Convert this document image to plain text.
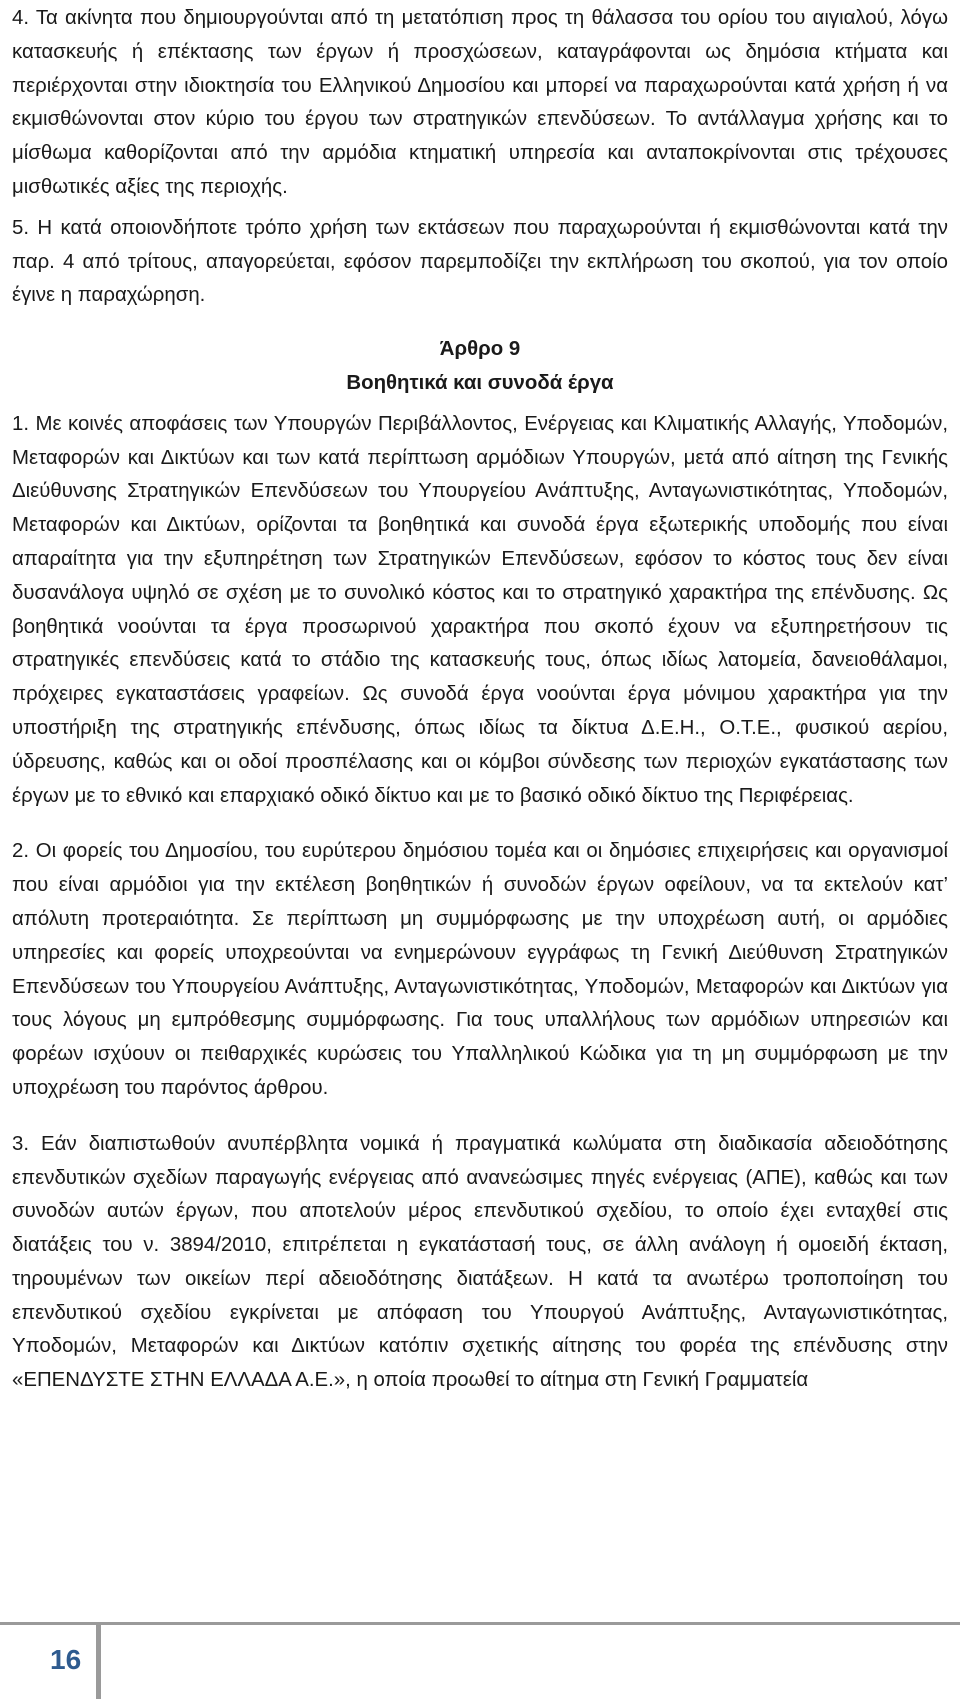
4. Τα ακίνητα που δημιουργούνται από τη μετατόπιση προς τη θάλασσα του ορίου του αιγιαλού, λόγω κατασκευής ή επέκτασης των έργων ή προσχώσεων, καταγράφονται ως δημόσια κτήματα και περιέρχονται στην ιδιοκτησία του Ελληνικού Δημοσίου και μπορεί να παραχωρούνται κατά χρήση ή να εκμισθώνονται στον κύριο του έργου των στρατηγικών επενδύσεων. Το αντάλλαγμα χρήσης και το μίσθωμα καθορίζονται από την αρμόδια κτηματική υπηρεσία και ανταποκρίνονται στις τρέχουσες μισθωτικές αξίες της περιοχής.

5. Η κατά οποιονδήποτε τρόπο χρήση των εκτάσεων που παραχωρούνται ή εκμισθώνονται κατά την παρ. 4 από τρίτους, απαγορεύεται, εφόσον παρεμποδίζει την εκπλήρωση του σκοπού, για τον οποίο έγινε η παραχώρηση.

Άρθρο 9

Βοηθητικά και συνοδά έργα

1. Με κοινές αποφάσεις των Υπουργών Περιβάλλοντος, Ενέργειας και Κλιματικής Αλλαγής, Υποδομών, Μεταφορών και Δικτύων και των κατά περίπτωση αρμόδιων Υπουργών, μετά από αίτηση της Γενικής Διεύθυνσης Στρατηγικών Επενδύσεων του Υπουργείου Ανάπτυξης, Ανταγωνιστικότητας, Υποδομών, Μεταφορών και Δικτύων, ορίζονται τα βοηθητικά και συνοδά έργα εξωτερικής υποδομής που είναι απαραίτητα για την εξυπηρέτηση των Στρατηγικών Επενδύσεων, εφόσον το κόστος τους δεν είναι δυσανάλογα υψηλό σε σχέση με το συνολικό κόστος και το στρατηγικό χαρακτήρα της επένδυσης. Ως βοηθητικά νοούνται τα έργα προσωρινού χαρακτήρα που σκοπό έχουν να εξυπηρετήσουν τις στρατηγικές επενδύσεις κατά το στάδιο της κατασκευής τους, όπως ιδίως λατομεία, δανειοθάλαμοι, πρόχειρες εγκαταστάσεις γραφείων. Ως συνοδά έργα νοούνται έργα μόνιμου χαρακτήρα για την υποστήριξη της στρατηγικής επένδυσης, όπως ιδίως τα δίκτυα Δ.Ε.Η., Ο.Τ.Ε., φυσικού αερίου, ύδρευσης, καθώς και οι οδοί προσπέλασης και οι κόμβοι σύνδεσης των περιοχών εγκατάστασης των έργων με το εθνικό και επαρχιακό οδικό δίκτυο και με το βασικό οδικό δίκτυο της Περιφέρειας.

2. Οι φορείς του Δημοσίου, του ευρύτερου δημόσιου τομέα και οι δημόσιες επιχειρήσεις και οργανισμοί που είναι αρμόδιοι για την εκτέλεση βοηθητικών ή συνοδών έργων οφείλουν, να τα εκτελούν κατ’ απόλυτη προτεραιότητα. Σε περίπτωση μη συμμόρφωσης με την υποχρέωση αυτή, οι αρμόδιες υπηρεσίες και φορείς υποχρεούνται να ενημερώνουν εγγράφως τη Γενική Διεύθυνση Στρατηγικών Επενδύσεων του Υπουργείου Ανάπτυξης, Ανταγωνιστικότητας, Υποδομών, Μεταφορών και Δικτύων για τους λόγους μη εμπρόθεσμης συμμόρφωσης. Για τους υπαλλήλους των αρμόδιων υπηρεσιών και φορέων ισχύουν οι πειθαρχικές κυρώσεις του Υπαλληλικού Κώδικα για τη μη συμμόρφωση με την υποχρέωση του παρόντος άρθρου.

3. Εάν διαπιστωθούν ανυπέρβλητα νομικά ή πραγματικά κωλύματα στη διαδικασία αδειοδότησης επενδυτικών σχεδίων παραγωγής ενέργειας από ανανεώσιμες πηγές ενέργειας (ΑΠΕ), καθώς και των συνοδών αυτών έργων, που αποτελούν μέρος επενδυτικού σχεδίου, το οποίο έχει ενταχθεί στις διατάξεις του ν. 3894/2010, επιτρέπεται η εγκατάστασή τους, σε άλλη ανάλογη ή ομοειδή έκταση, τηρουμένων των οικείων περί αδειοδότησης διατάξεων. Η κατά τα ανωτέρω τροποποίηση του επενδυτικού σχεδίου εγκρίνεται με απόφαση του Υπουργού Ανάπτυξης, Ανταγωνιστικότητας, Υποδομών, Μεταφορών και Δικτύων κατόπιν σχετικής αίτησης του φορέα της επένδυσης στην «ΕΠΕΝΔΥΣΤΕ ΣΤΗΝ ΕΛΛΑΔΑ Α.Ε.», η οποία προωθεί το αίτημα στη Γενική Γραμματεία

16
